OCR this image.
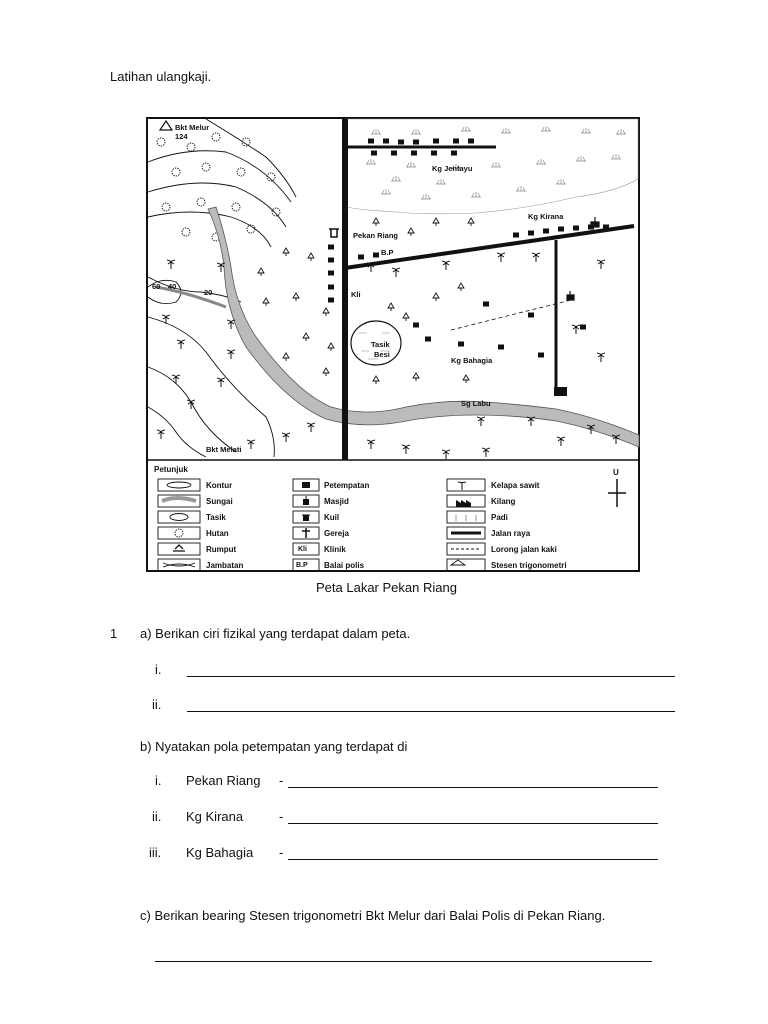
Latihan ulangkaji.
Bkt Melur
124
Kg Jentayu
Kg Kirana
Pekan Riang
B.P
Kli
Tasik
Besi
Kg Bahagia
Sg Labu
Bkt Melati
40
20
60
Petunjuk
Kli
B.P
Kontur
Sungai
Tasik
Hutan
Rumput
Jambatan
Petempatan
Masjid
Kuil
Gereja
Klinik
Balai polis
Kelapa sawit
Kilang
Padi
Jalan raya
Lorong jalan kaki
Stesen trigonometri
U
Peta Lakar Pekan Riang
1 a) Berikan ciri fizikal yang terdapat dalam peta.
i.
ii.
b) Nyatakan pola petempatan yang terdapat di
i. Pekan Riang -
ii. Kg Kirana	-
iii. Kg Bahagia -
c) Berikan bearing Stesen trigonometri Bkt Melur dari Balai Polis di Pekan Riang.
